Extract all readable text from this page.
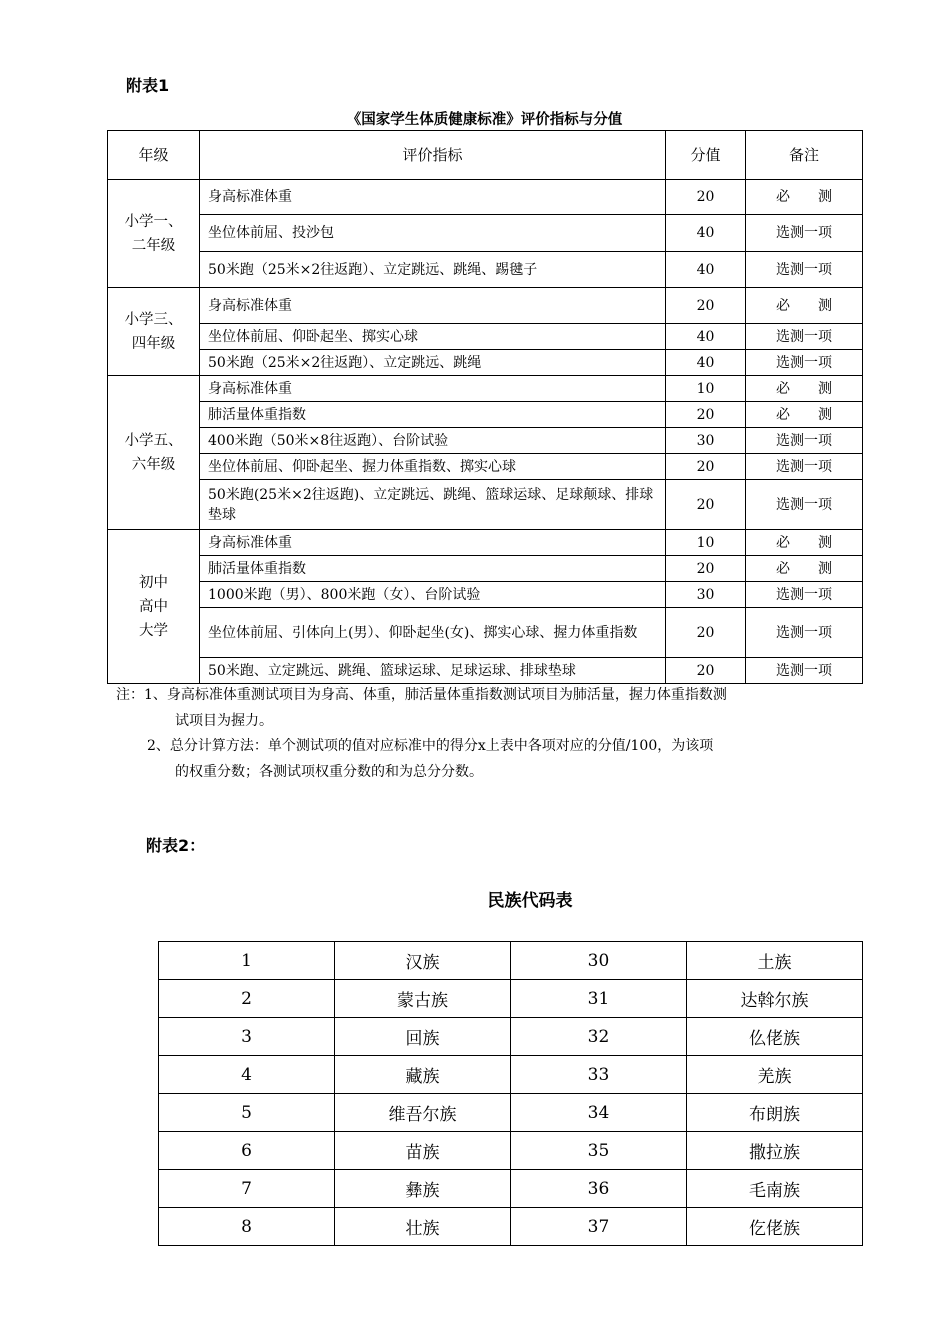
附表1
《国家学生体质健康标准》评价指标与分值
年级	评价指标	分值	备注
小学一、
二年级	身高标准体重	20	必　　测
	坐位体前屈、投沙包	40	选测一项
	50米跑（25米×2往返跑）、立定跳远、跳绳、踢毽子	40	选测一项
小学三、
四年级	身高标准体重	20	必　　测
	坐位体前屈、仰卧起坐、掷实心球	40	选测一项
	50米跑（25米×2往返跑）、立定跳远、跳绳	40	选测一项
小学五、
六年级	身高标准体重	10	必　　测
	肺活量体重指数	20	必　　测
	400米跑（50米×8往返跑）、台阶试验	30	选测一项
	坐位体前屈、仰卧起坐、握力体重指数、掷实心球	20	选测一项
	50米跑(25米×2往返跑)、立定跳远、跳绳、篮球运球、足球颠球、排球垫球	20	选测一项
初中
高中
大学	身高标准体重	10	必　　测
	肺活量体重指数	20	必　　测
	1000米跑（男）、800米跑（女）、台阶试验	30	选测一项
	坐位体前屈、引体向上(男）、仰卧起坐(女)、掷实心球、握力体重指数	20	选测一项
	50米跑、立定跳远、跳绳、篮球运球、足球运球、排球垫球	20	选测一项
注：1、身高标准体重测试项目为身高、体重，肺活量体重指数测试项目为肺活量，握力体重指数测
试项目为握力。
2、总分计算方法：单个测试项的值对应标准中的得分x上表中各项对应的分值/100，为该项
的权重分数；各测试项权重分数的和为总分分数。
附表2：
民族代码表
1	汉族	30	土族
2	蒙古族	31	达斡尔族
3	回族	32	仫佬族
4	藏族	33	羌族
5	维吾尔族	34	布朗族
6	苗族	35	撒拉族
7	彝族	36	毛南族
8	壮族	37	仡佬族
